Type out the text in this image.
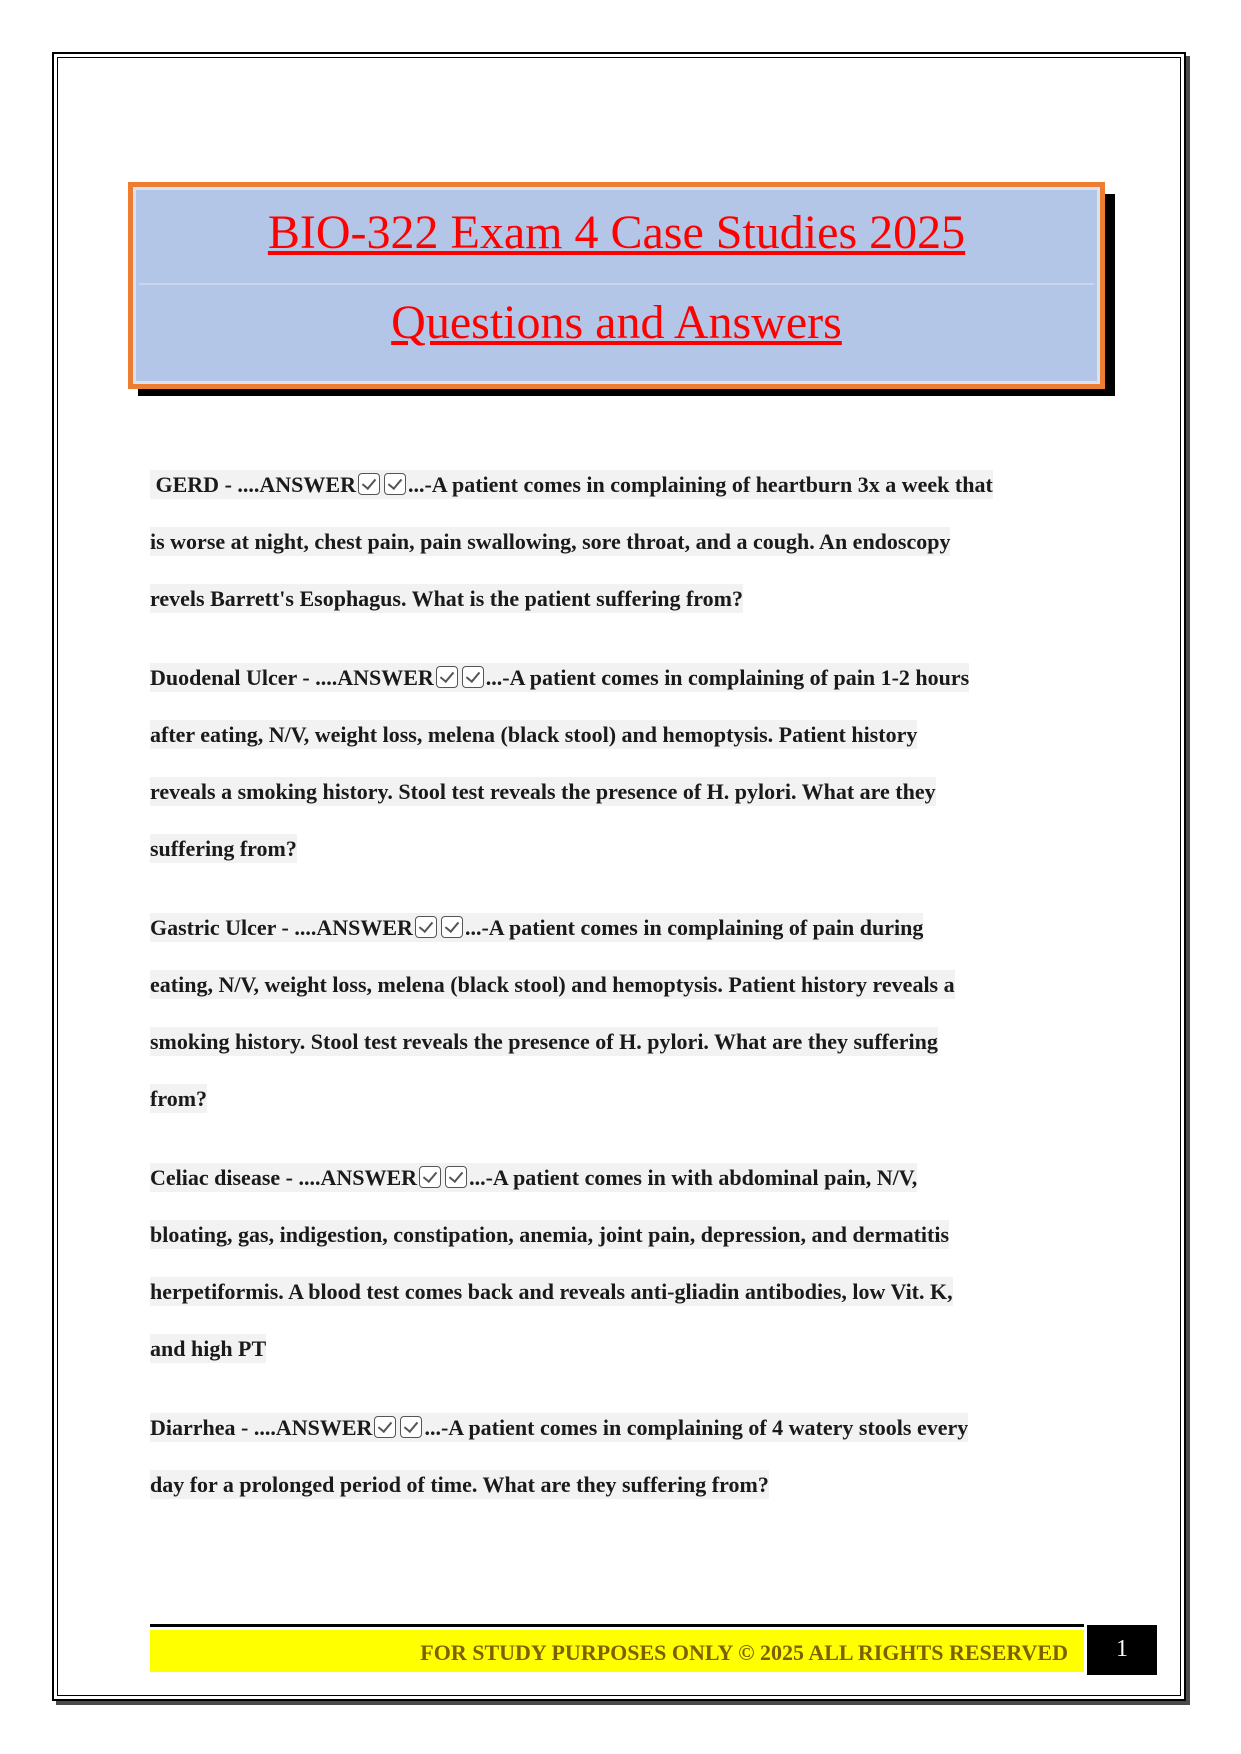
BIO-322 Exam 4 Case Studies 2025
Questions and Answers
GERD - ....ANSWER ...-A patient comes in complaining of heartburn 3x a week that
is worse at night, chest pain, pain swallowing, sore throat, and a cough. An endoscopy
revels Barrett's Esophagus. What is the patient suffering from?
Duodenal Ulcer - ....ANSWER ...-A patient comes in complaining of pain 1-2 hours
after eating, N/V, weight loss, melena (black stool) and hemoptysis. Patient history
reveals a smoking history. Stool test reveals the presence of H. pylori. What are they
suffering from?
Gastric Ulcer - ....ANSWER ...-A patient comes in complaining of pain during
eating, N/V, weight loss, melena (black stool) and hemoptysis. Patient history reveals a
smoking history. Stool test reveals the presence of H. pylori. What are they suffering
from?
Celiac disease - ....ANSWER ...-A patient comes in with abdominal pain, N/V,
bloating, gas, indigestion, constipation, anemia, joint pain, depression, and dermatitis
herpetiformis. A blood test comes back and reveals anti-gliadin antibodies, low Vit. K,
and high PT
Diarrhea - ....ANSWER ...-A patient comes in complaining of 4 watery stools every
day for a prolonged period of time. What are they suffering from?
FOR STUDY PURPOSES ONLY © 2025 ALL RIGHTS RESERVED	1
